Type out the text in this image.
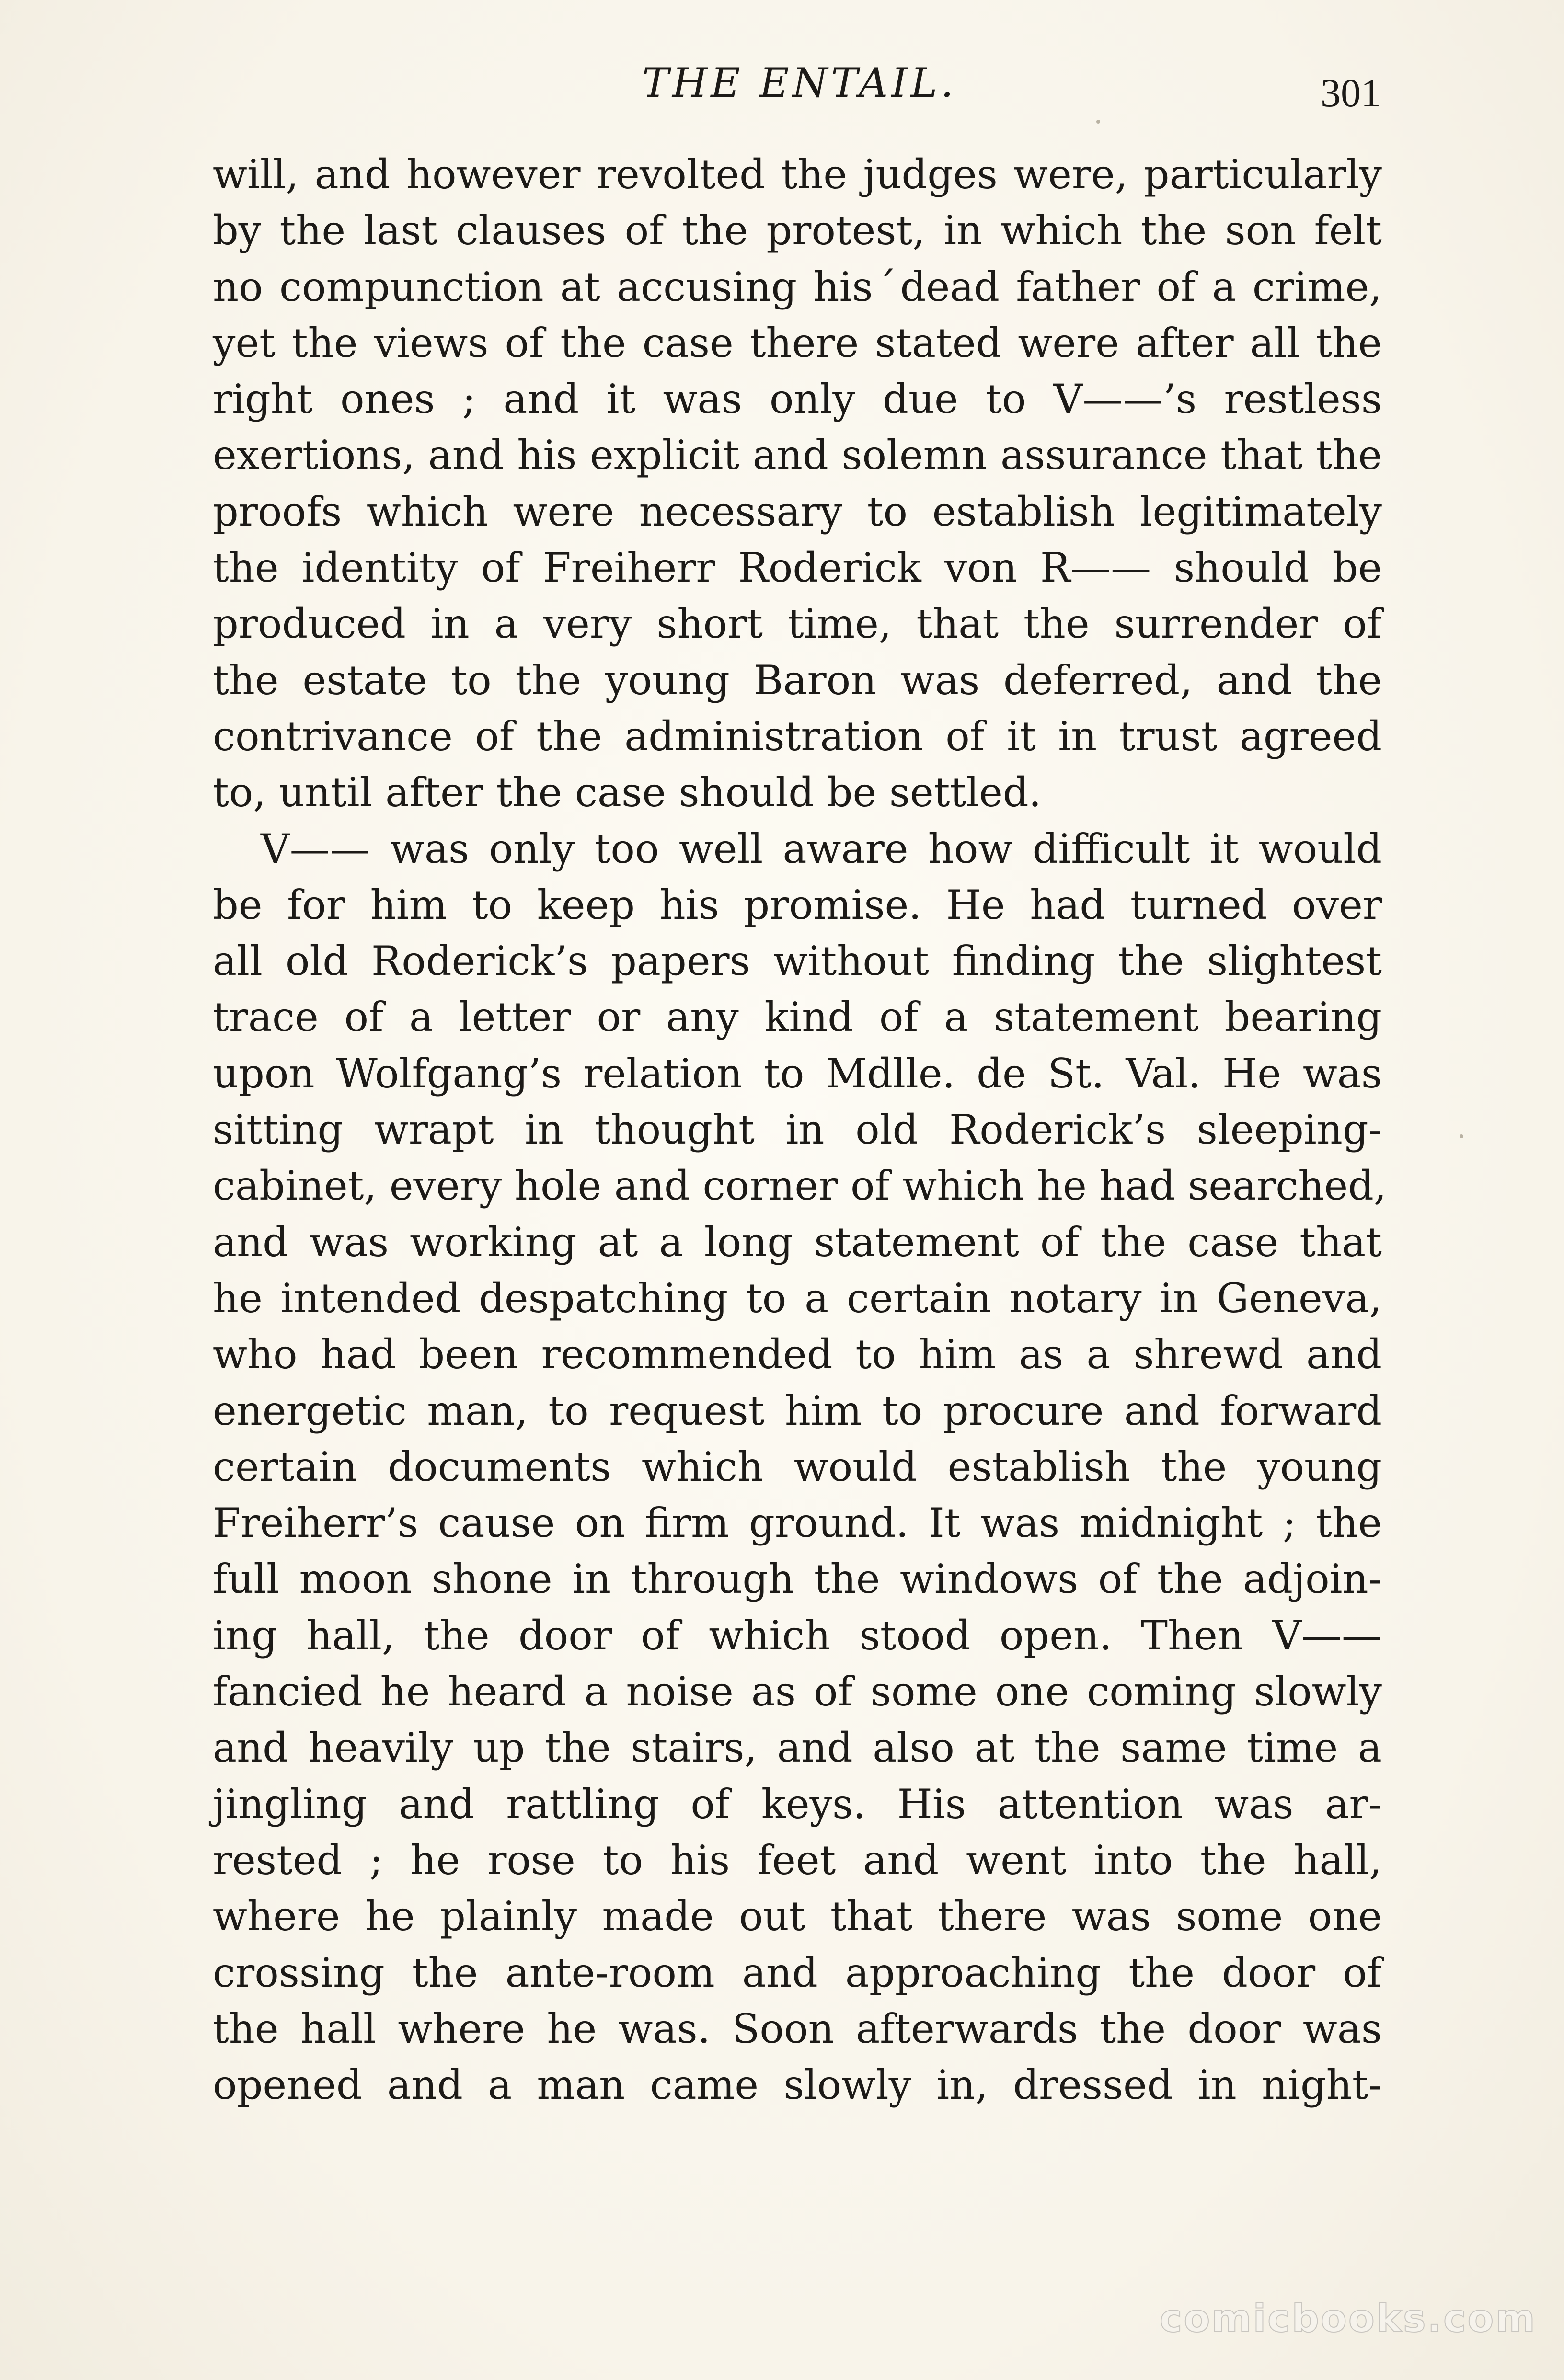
THE ENTAIL.	301
will, and however revolted the judges were, particularly
by the last clauses of the protest, in which the son felt
no compunction at accusing hisˊdead father of a crime,
yet the views of the case there stated were after all the
right ones ; and it was only due to V——’s restless
exertions, and his explicit and solemn assurance that the
proofs which were necessary to establish legitimately
the identity of Freiherr Roderick von R—— should be
produced in a very short time, that the surrender of
the estate to the young Baron was deferred, and the
contrivance of the administration of it in trust agreed
to, until after the case should be settled.
V—— was only too well aware how difficult it would
be for him to keep his promise. He had turned over
all old Roderick’s papers without finding the slightest
trace of a letter or any kind of a statement bearing
upon Wolfgang’s relation to Mdlle. de St. Val. He was
sitting wrapt in thought in old Roderick’s sleeping-
cabinet, every hole and corner of which he had searched,
and was working at a long statement of the case that
he intended despatching to a certain notary in Geneva,
who had been recommended to him as a shrewd and
energetic man, to request him to procure and forward
certain documents which would establish the young
Freiherr’s cause on firm ground. It was midnight ; the
full moon shone in through the windows of the adjoin-
ing hall, the door of which stood open. Then V——
fancied he heard a noise as of some one coming slowly
and heavily up the stairs, and also at the same time a
jingling and rattling of keys. His attention was ar-
rested ; he rose to his feet and went into the hall,
where he plainly made out that there was some one
crossing the ante-room and approaching the door of
the hall where he was. Soon afterwards the door was
opened and a man came slowly in, dressed in night-
comicbooks.com
